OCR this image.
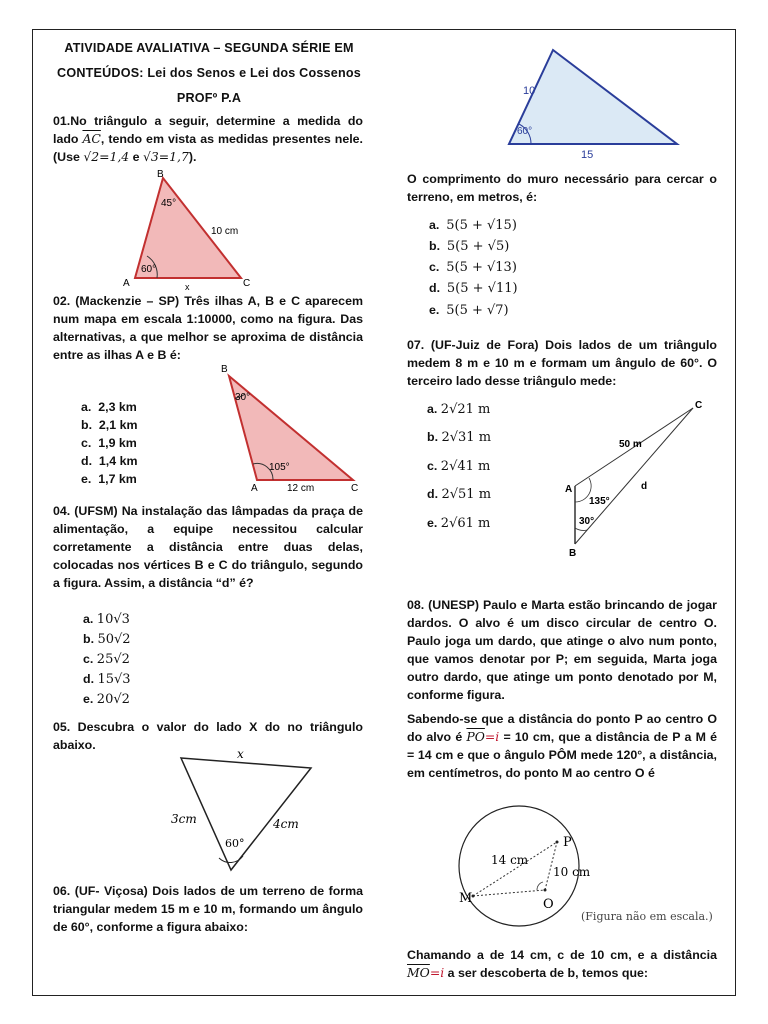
ATIVIDADE AVALIATIVA – SEGUNDA SÉRIE EM
CONTEÚDOS: Lei dos Senos e Lei dos Cossenos
PROFº P.A
01.No triângulo a seguir, determine a medida do lado $\overline{AC}$, tendo em vista as medidas presentes nele. (Use √2=1,4 e √3=1,7).
B
45°
A	C
60°
10 cm
x
02. (Mackenzie – SP) Três ilhas A, B e C aparecem num mapa em escala 1:10000, como na figura. Das alternativas, a que melhor se aproxima de distância entre as ilhas A e B é:
a. 2,3 km
b. 2,1 km
c. 1,9 km
d. 1,4 km
e. 1,7 km
B
30°
105°
A	12 cm	C
04. (UFSM) Na instalação das lâmpadas da praça de alimentação, a equipe necessitou calcular corretamente a distância entre duas delas, colocadas nos vértices B e C do triângulo, segundo a figura. Assim, a distância “d” é?
a. 10√3
b. 50√2
c. 25√2
d. 15√3
e. 20√2
05. Descubra o valor do lado X do no triângulo abaixo.
x
3cm	4cm
60°
06. (UF- Viçosa) Dois lados de um terreno de forma triangular medem 15 m e 10 m, formando um ângulo de 60°, conforme a figura abaixo:
10
60°
15
O comprimento do muro necessário para cercar o terreno, em metros, é:
a. 5(5 + √15)
b. 5(5 + √5)
c. 5(5 + √13)
d. 5(5 + √11)
e. 5(5 + √7)
07. (UF-Juiz de Fora) Dois lados de um triângulo medem 8 m e 10 m e formam um ângulo de 60°. O terceiro lado desse triângulo mede:
a. 2√21 m
b. 2√31 m
c. 2√41 m
d. 2√51 m
e. 2√61 m
C
50 m
A	d
135°
30°
B
08. (UNESP) Paulo e Marta estão brincando de jogar dardos. O alvo é um disco circular de centro O. Paulo joga um dardo, que atinge o alvo num ponto, que vamos denotar por P; em seguida, Marta joga outro dardo, que atinge um ponto denotado por M, conforme figura.
Sabendo-se que a distância do ponto P ao centro O do alvo é $\overline{PO}=i = 10$ cm, que a distância de P a M é = 14 cm e que o ângulo PÔM mede 120°, a distância, em centímetros, do ponto M ao centro O é
P
14 cm
10 cm
M	O
(Figura não em escala.)
Chamando a de 14 cm, c de 10 cm, e a distância $\overline{MO}=i$ a ser descoberta de b, temos que:
